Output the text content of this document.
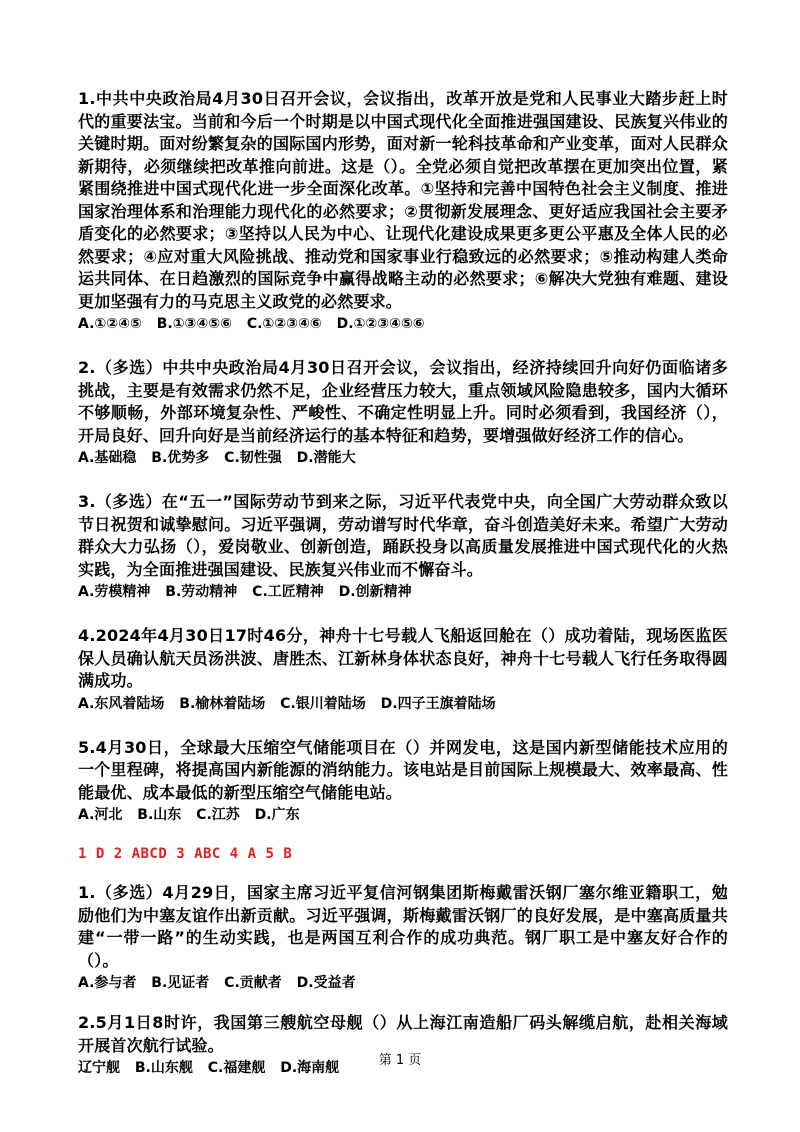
1.中共中央政治局4月30日召开会议，会议指出，改革开放是党和人民事业大踏步赶上时代的重要法宝。当前和今后一个时期是以中国式现代化全面推进强国建设、民族复兴伟业的关键时期。面对纷繁复杂的国际国内形势，面对新一轮科技革命和产业变革，面对人民群众新期待，必须继续把改革推向前进。这是（）。全党必须自觉把改革摆在更加突出位置，紧紧围绕推进中国式现代化进一步全面深化改革。①坚持和完善中国特色社会主义制度、推进国家治理体系和治理能力现代化的必然要求；②贯彻新发展理念、更好适应我国社会主要矛盾变化的必然要求；③坚持以人民为中心、让现代化建设成果更多更公平惠及全体人民的必然要求；④应对重大风险挑战、推动党和国家事业行稳致远的必然要求；⑤推动构建人类命运共同体、在日趋激烈的国际竞争中赢得战略主动的必然要求；⑥解决大党独有难题、建设更加坚强有力的马克思主义政党的必然要求。
A.①②④⑤ B.①③④⑤⑥ C.①②③④⑥ D.①②③④⑤⑥
2.（多选）中共中央政治局4月30日召开会议，会议指出，经济持续回升向好仍面临诸多挑战，主要是有效需求仍然不足，企业经营压力较大，重点领域风险隐患较多，国内大循环不够顺畅，外部环境复杂性、严峻性、不确定性明显上升。同时必须看到，我国经济（），开局良好、回升向好是当前经济运行的基本特征和趋势，要增强做好经济工作的信心。
A.基础稳 B.优势多 C.韧性强 D.潜能大
3.（多选）在“五一”国际劳动节到来之际，习近平代表党中央，向全国广大劳动群众致以节日祝贺和诚挚慰问。习近平强调，劳动谱写时代华章，奋斗创造美好未来。希望广大劳动群众大力弘扬（），爱岗敬业、创新创造，踊跃投身以高质量发展推进中国式现代化的火热实践，为全面推进强国建设、民族复兴伟业而不懈奋斗。
A.劳模精神 B.劳动精神 C.工匠精神 D.创新精神
4.2024年4月30日17时46分，神舟十七号载人飞船返回舱在（）成功着陆，现场医监医保人员确认航天员汤洪波、唐胜杰、江新林身体状态良好，神舟十七号载人飞行任务取得圆满成功。
A.东风着陆场 B.榆林着陆场 C.银川着陆场 D.四子王旗着陆场
5.4月30日，全球最大压缩空气储能项目在（）并网发电，这是国内新型储能技术应用的一个里程碑，将提高国内新能源的消纳能力。该电站是目前国际上规模最大、效率最高、性能最优、成本最低的新型压缩空气储能电站。
A.河北 B.山东 C.江苏 D.广东
1 D 2 ABCD 3 ABC 4 A 5 B
1.（多选）4月29日，国家主席习近平复信河钢集团斯梅戴雷沃钢厂塞尔维亚籍职工，勉励他们为中塞友谊作出新贡献。习近平强调，斯梅戴雷沃钢厂的良好发展，是中塞高质量共建“一带一路”的生动实践，也是两国互利合作的成功典范。钢厂职工是中塞友好合作的（）。
A.参与者 B.见证者 C.贡献者 D.受益者
2.5月1日8时许，我国第三艘航空母舰（）从上海江南造船厂码头解缆启航，赴相关海域开展首次航行试验。
辽宁舰 B.山东舰 C.福建舰 D.海南舰	第 1 页
